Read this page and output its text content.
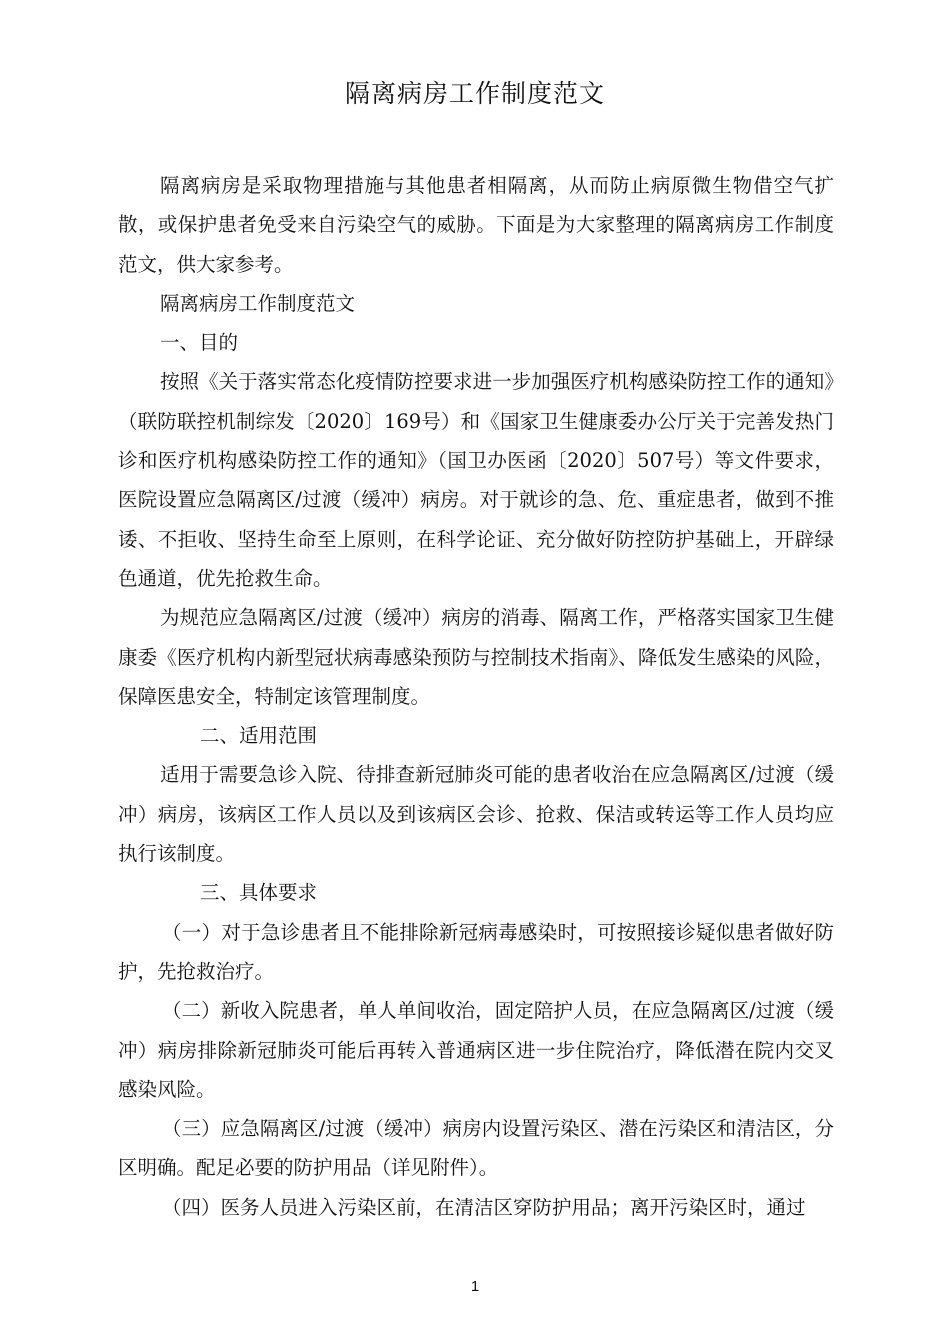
隔离病房工作制度范文

隔离病房是采取物理措施与其他患者相隔离，从而防止病原微生物借空气扩散，或保护患者免受来自污染空气的威胁。下面是为大家整理的隔离病房工作制度范文，供大家参考。

隔离病房工作制度范文

一、目的

按照《关于落实常态化疫情防控要求进一步加强医疗机构感染防控工作的通知》（联防联控机制综发〔2020〕169号）和《国家卫生健康委办公厅关于完善发热门诊和医疗机构感染防控工作的通知》（国卫办医函〔2020〕507号）等文件要求，医院设置应急隔离区/过渡（缓冲）病房。对于就诊的急、危、重症患者，做到不推诿、不拒收、坚持生命至上原则，在科学论证、充分做好防控防护基础上，开辟绿色通道，优先抢救生命。

为规范应急隔离区/过渡（缓冲）病房的消毒、隔离工作，严格落实国家卫生健康委《医疗机构内新型冠状病毒感染预防与控制技术指南》、降低发生感染的风险，保障医患安全，特制定该管理制度。

二、适用范围

适用于需要急诊入院、待排查新冠肺炎可能的患者收治在应急隔离区/过渡（缓冲）病房，该病区工作人员以及到该病区会诊、抢救、保洁或转运等工作人员均应执行该制度。

三、具体要求

（一）对于急诊患者且不能排除新冠病毒感染时，可按照接诊疑似患者做好防护，先抢救治疗。

（二）新收入院患者，单人单间收治，固定陪护人员，在应急隔离区/过渡（缓冲）病房排除新冠肺炎可能后再转入普通病区进一步住院治疗，降低潜在院内交叉感染风险。

（三）应急隔离区/过渡（缓冲）病房内设置污染区、潜在污染区和清洁区，分区明确。配足必要的防护用品（详见附件）。

（四）医务人员进入污染区前，在清洁区穿防护用品；离开污染区时，通过

1
